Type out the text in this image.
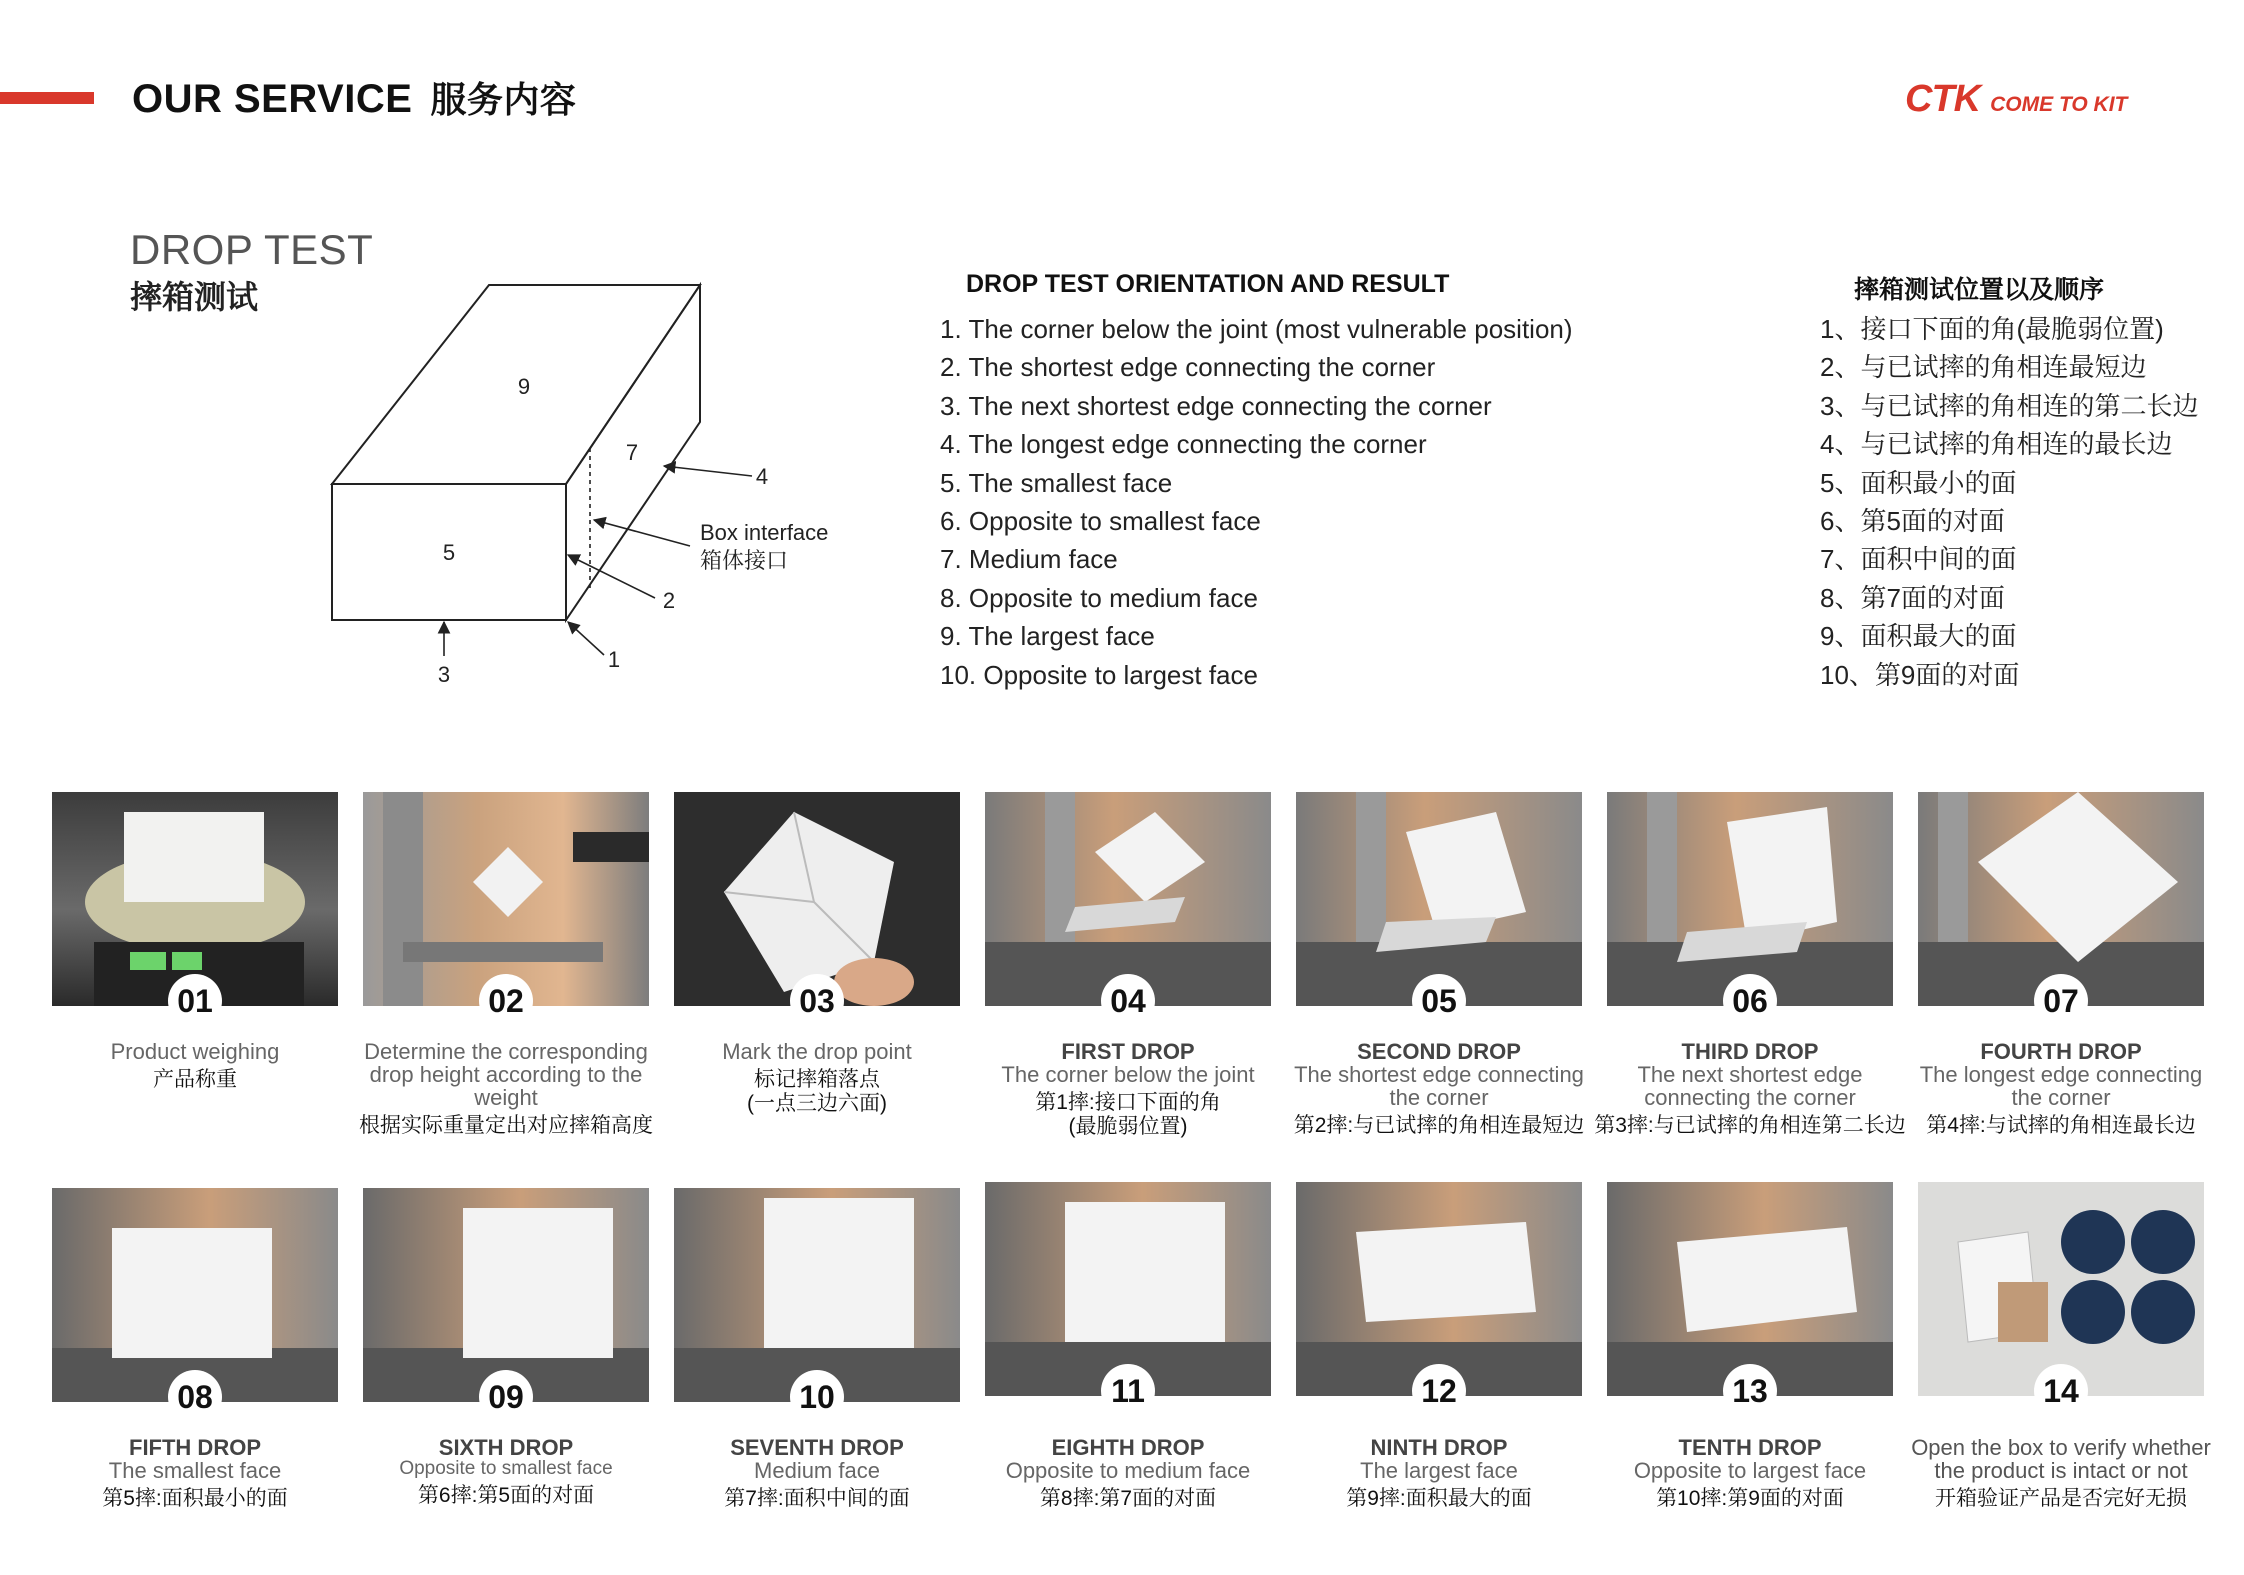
OUR SERVICE 服务内容	CTK COME TO KIT
DROP TEST
摔箱测试
9
7
5
4
2
1
3
Box interface
箱体接口
DROP TEST ORIENTATION AND RESULT
1. The corner below the joint (most vulnerable position)
2. The shortest edge connecting the corner
3. The next shortest edge connecting the corner
4. The longest edge connecting the corner
5. The smallest face
6. Opposite to smallest face
7. Medium face
8. Opposite to medium face
9. The largest face
10. Opposite to largest face
摔箱测试位置以及顺序
1、接口下面的角(最脆弱位置)
2、与已试摔的角相连最短边
3、与已试摔的角相连的第二长边
4、与已试摔的角相连的最长边
5、面积最小的面
6、第5面的对面
7、面积中间的面
8、第7面的对面
9、面积最大的面
10、第9面的对面
01
Product weighing
产品称重
02
Determine the corresponding drop height according to the weight
根据实际重量定出对应摔箱高度
03
Mark the drop point
标记摔箱落点
(一点三边六面)
04
FIRST DROP
The corner below the joint
第1摔:接口下面的角
(最脆弱位置)
05
SECOND DROP
The shortest edge connecting the corner
第2摔:与已试摔的角相连最短边
06
THIRD DROP
The next shortest edge connecting the corner
第3摔:与已试摔的角相连第二长边
07
FOURTH DROP
The longest edge connecting the corner
第4摔:与试摔的角相连最长边
08
FIFTH DROP
The smallest face
第5摔:面积最小的面
09
SIXTH DROP
Opposite to smallest face
第6摔:第5面的对面
10
SEVENTH DROP
Medium face
第7摔:面积中间的面
11
EIGHTH DROP
Opposite to medium face
第8摔:第7面的对面
12
NINTH DROP
The largest face
第9摔:面积最大的面
13
TENTH DROP
Opposite to largest face
第10摔:第9面的对面
14
Open the box to verify whether the product is intact or not
开箱验证产品是否完好无损
